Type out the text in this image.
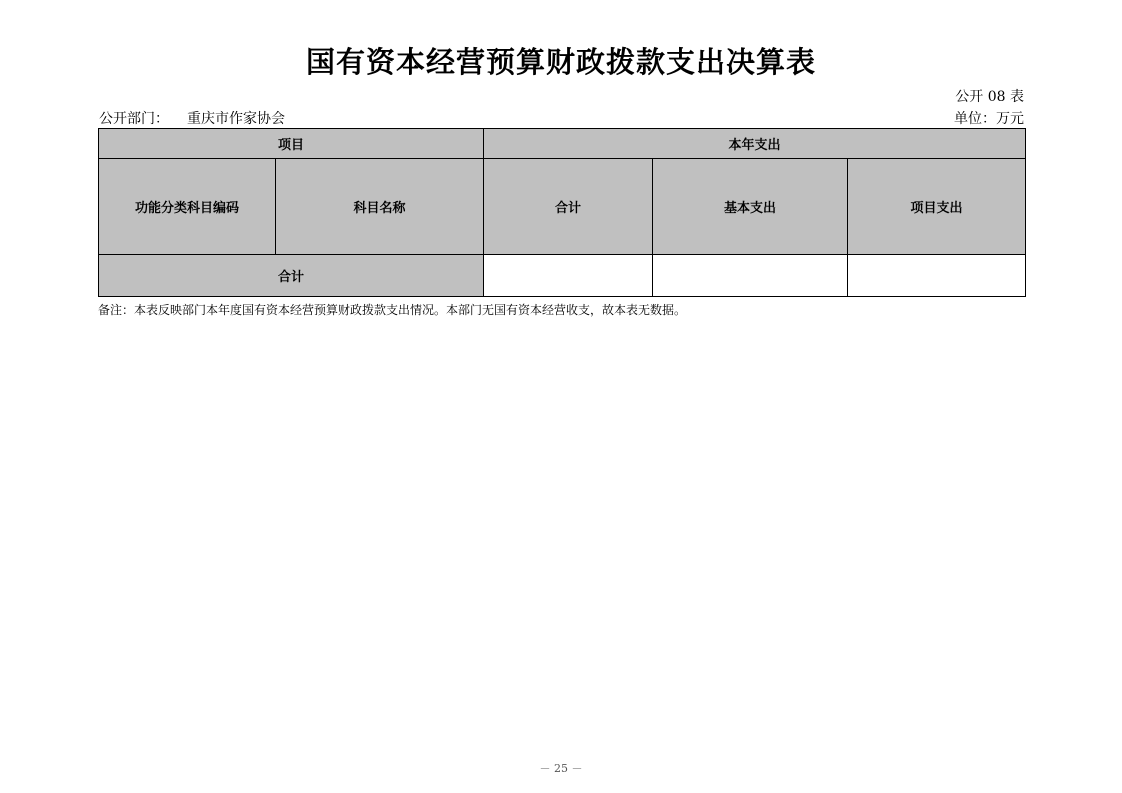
国有资本经营预算财政拨款支出决算表
公开 08 表
公开部门： 重庆市作家协会	单位：万元
项目		本年支出		
功能分类科目编码	科目名称	合计	基本支出	项目支出
合计				
备注：本表反映部门本年度国有资本经营预算财政拨款支出情况。本部门无国有资本经营收支，故本表无数据。
－ 25 －
